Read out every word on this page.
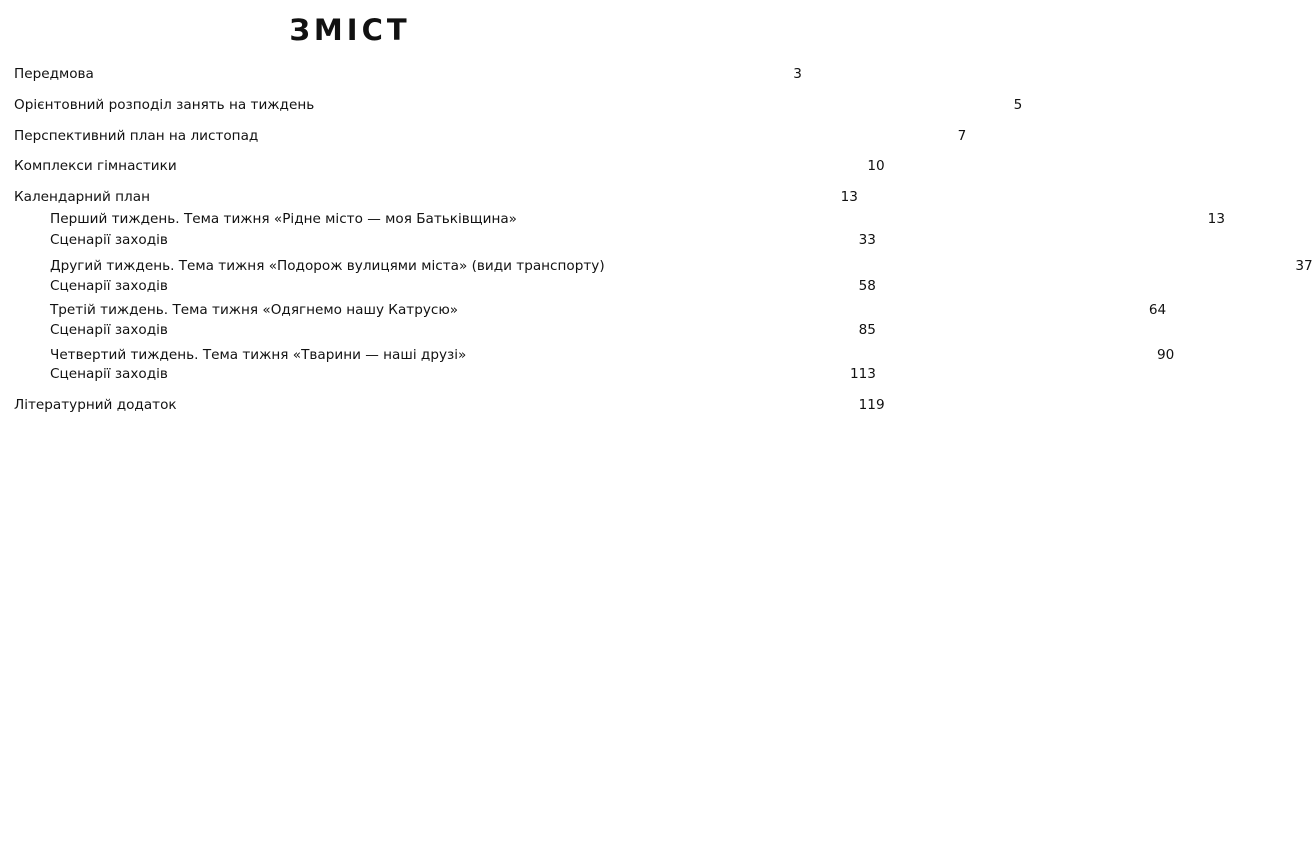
ЗМІСТ
Передмова	3
Орієнтовний розподіл занять на тиждень	5
Перспективний план на листопад	7
Комплекси гімнастики	10
Календарний план	13
Перший тиждень. Тема тижня «Рідне місто — моя Батьківщина»	13
Сценарії заходів	33
Другий тиждень. Тема тижня «Подорож вулицями міста» (види транспорту)	37
Сценарії заходів	58
Третій тиждень. Тема тижня «Одягнемо нашу Катрусю»	64
Сценарії заходів	85
Четвертий тиждень. Тема тижня «Тварини — наші друзі»	90
Сценарії заходів	113
Літературний додаток	119
